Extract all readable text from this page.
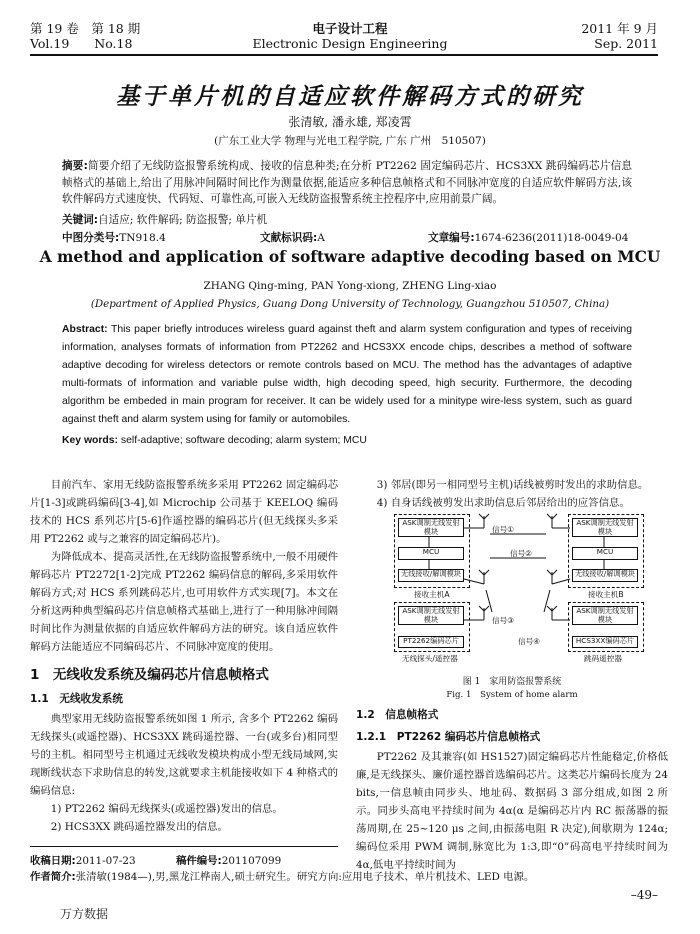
第 19 卷　第 18 期
Vol.19　　No.18
电子设计工程
Electronic Design Engineering
2011 年 9 月
Sep. 2011
基于单片机的自适应软件解码方式的研究
张清敏, 潘永雄, 郑凌霄
(广东工业大学 物理与光电工程学院, 广东 广州　510507)
摘要:简要介绍了无线防盗报警系统构成、接收的信息种类;在分析 PT2262 固定编码芯片、HCS3XX 跳码编码芯片信息帧格式的基础上,给出了用脉冲间隔时间比作为测量依据,能适应多种信息帧格式和不同脉冲宽度的自适应软件解码方法,该软件解码方式速度快、代码短、可靠性高,可嵌入无线防盗报警系统主控程序中,应用前景广阔。
关键词:自适应; 软件解码; 防盗报警; 单片机
中图分类号:TN918.4	文献标识码:A	文章编号:1674-6236(2011)18-0049-04
A method and application of software adaptive decoding based on MCU
ZHANG Qing-ming, PAN Yong-xiong, ZHENG Ling-xiao
(Department of Applied Physics, Guang Dong University of Technology, Guangzhou 510507, China)
Abstract: This paper briefly introduces wireless guard against theft and alarm system configuration and types of receiving information, analyses formats of information from PT2262 and HCS3XX encode chips, describes a method of software adaptive decoding for wireless detectors or remote controls based on MCU. The method has the advantages of adaptive multi-formats of information and variable pulse width, high decoding speed, high security. Furthermore, the decoding algorithm be embeded in main program for receiver. It can be widely used for a minitype wire-less system, such as guard against theft and alarm system using for family or automobiles.
Key words: self-adaptive; software decoding; alarm system; MCU

目前汽车、家用无线防盗报警系统多采用 PT2262 固定编码芯片[1-3]或跳码编码[3-4],如 Microchip 公司基于 KEELOQ 编码技术的 HCS 系列芯片[5-6]作遥控器的编码芯片(但无线探头多采用 PT2262 或与之兼容的固定编码芯片)。

为降低成本、提高灵活性,在无线防盗报警系统中,一般不用硬件解码芯片 PT2272[1-2]完成 PT2262 编码信息的解码,多采用软件解码方式;对 HCS 系列跳码芯片,也可用软件方式实现[7]。本文在分析这两种典型编码芯片信息帧格式基础上,进行了一种用脉冲间隔时间比作为测量依据的自适应软件解码方法的研究。该自适应软件解码方法能适应不同编码芯片、不同脉冲宽度的使用。

1　无线收发系统及编码芯片信息帧格式
1.1　无线收发系统

典型家用无线防盗报警系统如图 1 所示, 含多个 PT2262 编码无线探头(或遥控器)、HCS3XX 跳码遥控器、一台(或多台)相同型号的主机。相同型号主机通过无线收发模块构成小型无线局域网,实现断线状态下求助信息的转发,这就要求主机能接收如下 4 种格式的编码信息:

1) PT2262 编码无线探头(或遥控器)发出的信息。

2) HCS3XX 跳码遥控器发出的信息。

3) 邻居(即另一相同型号主机)话线被剪时发出的求助信息。

4) 自身话线被剪发出求助信息后邻居给出的应答信息。

ASK调制无线发射模块
MCU
无线接收/解调模块
ASK调制无线发射模块
MCU
无线接收/解调模块
接收主机A	接收主机B
信号①
信号②
信号③
信号④
ASK调制无线发射模块
PT2262编码芯片
ASK调制无线发射模块
HCS3XX编码芯片
无线探头/遥控器	跳码遥控器
图 1　家用防盗报警系统
Fig. 1　System of home alarm
1.2　信息帧格式
1.2.1　PT2262 编码芯片信息帧格式

PT2262 及其兼容(如 HS1527)固定编码芯片性能稳定,价格低廉,是无线探头、廉价遥控器首选编码芯片。这类芯片编码长度为 24 bits,一信息帧由同步头、地址码、数据码 3 部分组成,如图 2 所示。同步头高电平持续时间为 4α(α 是编码芯片内 RC 振荡器的振荡周期,在 25~120 μs 之间,由振荡电阻 R 决定),间歇期为 124α;编码位采用 PWM 调制,脉宽比为 1:3,即“0”码高电平持续时间为 4α,低电平持续时间为

收稿日期:2011-07-23	稿件编号:201107099
作者简介:张清敏(1984—),男,黑龙江桦南人,硕士研究生。研究方向:应用电子技术、单片机技术、LED 电源。
–49–
万方数据
